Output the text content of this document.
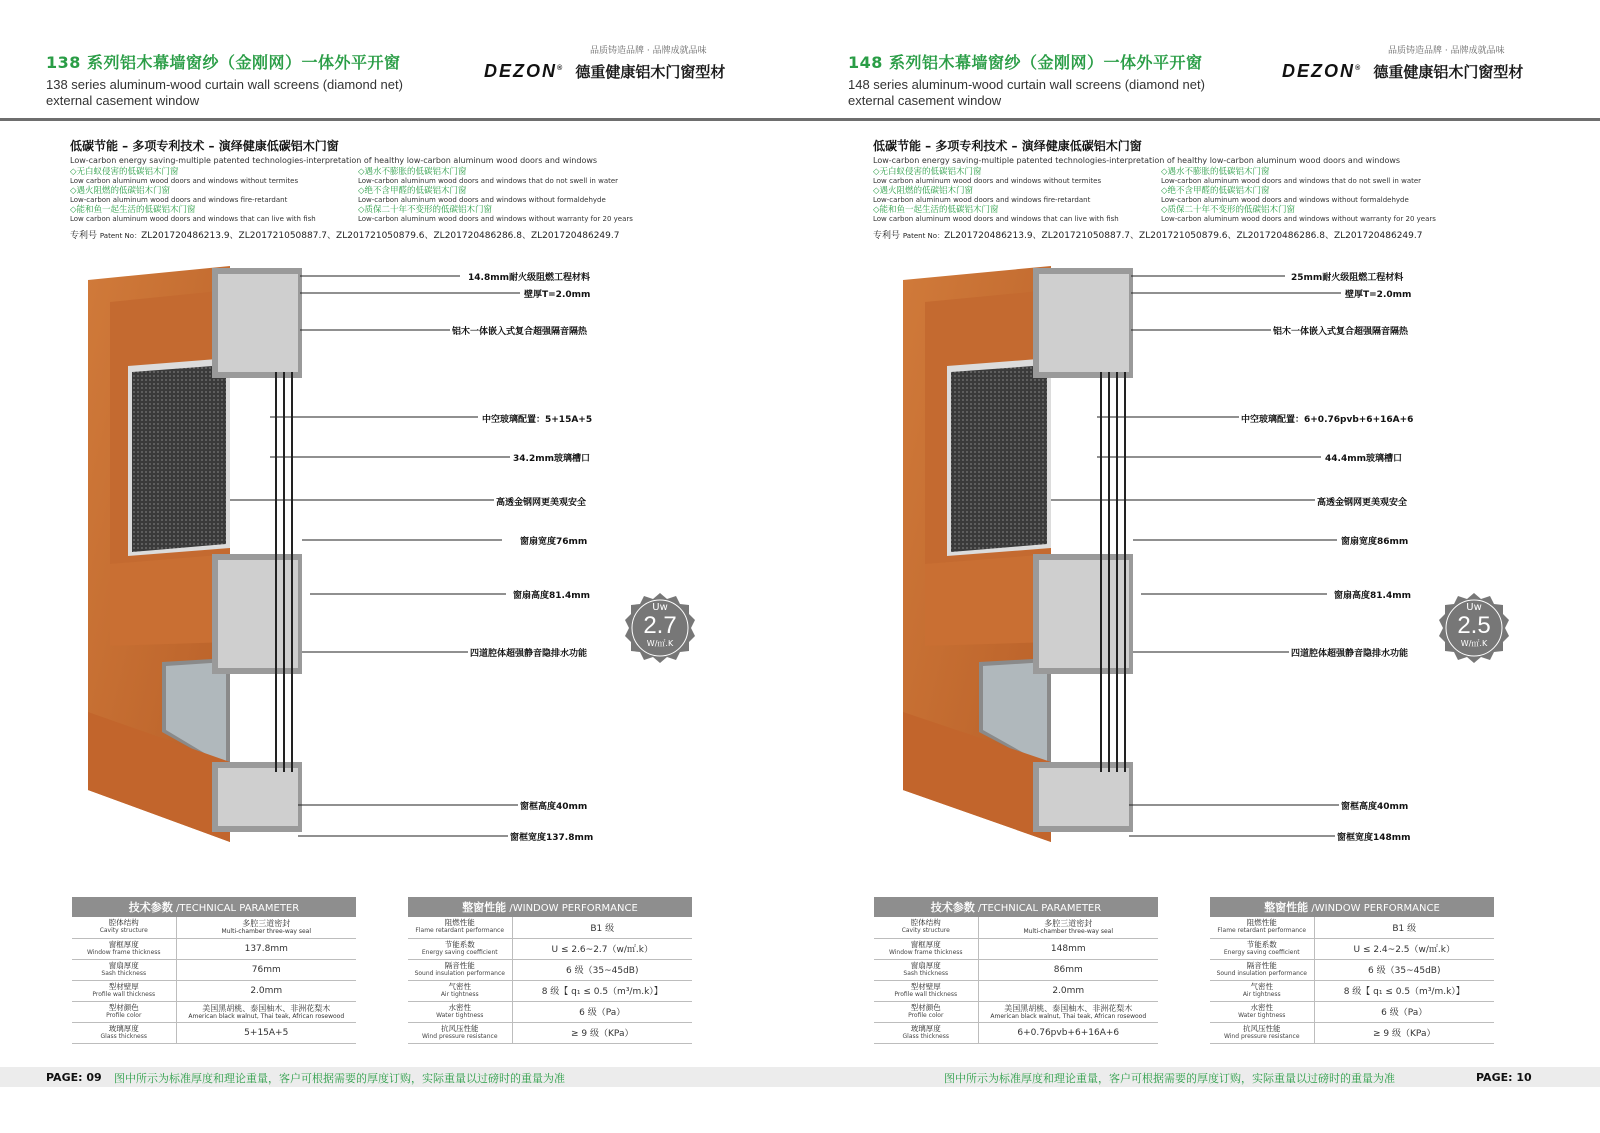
138 系列铝木幕墙窗纱（金刚网）一体外平开窗
138 series aluminum-wood curtain wall screens (diamond net) external casement window
品质铸造品牌 · 品牌成就品味
DEZON® 德重健康铝木门窗型材
低碳节能 – 多项专利技术 – 演绎健康低碳铝木门窗
Low-carbon energy saving-multiple patented technologies-interpretation of healthy low-carbon aluminum wood doors and windows
◇ 无白蚁侵害的低碳铝木门窗
Low carbon aluminum wood doors and windows without termites
◇ 遇水不膨胀的低碳铝木门窗
Low-carbon aluminum wood doors and windows that do not swell in water
◇ 遇火阻燃的低碳铝木门窗
Low-carbon aluminum wood doors and windows fire-retardant
◇ 绝不含甲醛的低碳铝木门窗
Low-carbon aluminum wood doors and windows without formaldehyde
◇ 能和鱼一起生活的低碳铝木门窗
Low carbon aluminum wood doors and windows that can live with fish
◇ 质保二十年不变形的低碳铝木门窗
Low-carbon aluminum wood doors and windows without warranty for 20 years
专利号 Patent No：ZL201720486213.9、ZL201721050887.7、ZL201721050879.6、ZL201720486286.8、ZL201720486249.7
14.8mm耐火级阻燃工程材料
壁厚T=2.0mm
铝木一体嵌入式复合超强隔音隔热
中空玻璃配置：5+15A+5
34.2mm玻璃槽口
高透金钢网更美观安全
窗扇宽度76mm
窗扇高度81.4mm
四道腔体超强静音隐排水功能
窗框高度40mm
窗框宽度137.8mm
Uw
2.7
W/㎡.K
技术参数 /TECHNICAL PARAMETER	

腔体结构
Cavity structure	多腔三道密封
Multi-chamber three-way seal

窗框厚度
Window frame thickness	137.8mm

窗扇厚度
Sash thickness	76mm

型材壁厚
Profile wall thickness	2.0mm

型材颜色
Profile color	美国黑胡桃、泰国柚木、非洲花梨木
American black walnut, Thai teak, African rosewood

玻璃厚度
Glass thickness	5+15A+5
整窗性能 /WINDOW PERFORMANCE	

阻燃性能
Flame retardant performance	B1 级

节能系数
Energy saving coefficient	U ≤ 2.6~2.7（w/㎡.k）

隔音性能
Sound insulation performance	6 级（35~45dB)

气密性
Air tightness	8 级【 q₁ ≤ 0.5（m³/m.k）】

水密性
Water tightness	6 级（Pa）

抗风压性能
Wind pressure resistance	≥ 9 级（KPa）
PAGE: 09	图中所示为标准厚度和理论重量，客户可根据需要的厚度订购，实际重量以过磅时的重量为准
148 系列铝木幕墙窗纱（金刚网）一体外平开窗
148 series aluminum-wood curtain wall screens (diamond net) external casement window
品质铸造品牌 · 品牌成就品味
DEZON® 德重健康铝木门窗型材
低碳节能 – 多项专利技术 – 演绎健康低碳铝木门窗
Low-carbon energy saving-multiple patented technologies-interpretation of healthy low-carbon aluminum wood doors and windows
◇ 无白蚁侵害的低碳铝木门窗
Low carbon aluminum wood doors and windows without termites
◇ 遇水不膨胀的低碳铝木门窗
Low-carbon aluminum wood doors and windows that do not swell in water
◇ 遇火阻燃的低碳铝木门窗
Low-carbon aluminum wood doors and windows fire-retardant
◇ 绝不含甲醛的低碳铝木门窗
Low-carbon aluminum wood doors and windows without formaldehyde
◇ 能和鱼一起生活的低碳铝木门窗
Low carbon aluminum wood doors and windows that can live with fish
◇ 质保二十年不变形的低碳铝木门窗
Low-carbon aluminum wood doors and windows without warranty for 20 years
专利号 Patent No：ZL201720486213.9、ZL201721050887.7、ZL201721050879.6、ZL201720486286.8、ZL201720486249.7
25mm耐火级阻燃工程材料
壁厚T=2.0mm
铝木一体嵌入式复合超强隔音隔热
中空玻璃配置：6+0.76pvb+6+16A+6
44.4mm玻璃槽口
高透金钢网更美观安全
窗扇宽度86mm
窗扇高度81.4mm
四道腔体超强静音隐排水功能
窗框高度40mm
窗框宽度148mm
Uw
2.5
W/㎡.K
技术参数 /TECHNICAL PARAMETER	

腔体结构
Cavity structure	多腔三道密封
Multi-chamber three-way seal

窗框厚度
Window frame thickness	148mm

窗扇厚度
Sash thickness	86mm

型材壁厚
Profile wall thickness	2.0mm

型材颜色
Profile color	美国黑胡桃、泰国柚木、非洲花梨木
American black walnut, Thai teak, African rosewood

玻璃厚度
Glass thickness	6+0.76pvb+6+16A+6
整窗性能 /WINDOW PERFORMANCE	

阻燃性能
Flame retardant performance	B1 级

节能系数
Energy saving coefficient	U ≤ 2.4~2.5（w/㎡.k）

隔音性能
Sound insulation performance	6 级（35~45dB)

气密性
Air tightness	8 级【 q₁ ≤ 0.5（m³/m.k）】

水密性
Water tightness	6 级（Pa）

抗风压性能
Wind pressure resistance	≥ 9 级（KPa）
图中所示为标准厚度和理论重量，客户可根据需要的厚度订购，实际重量以过磅时的重量为准	PAGE: 10
